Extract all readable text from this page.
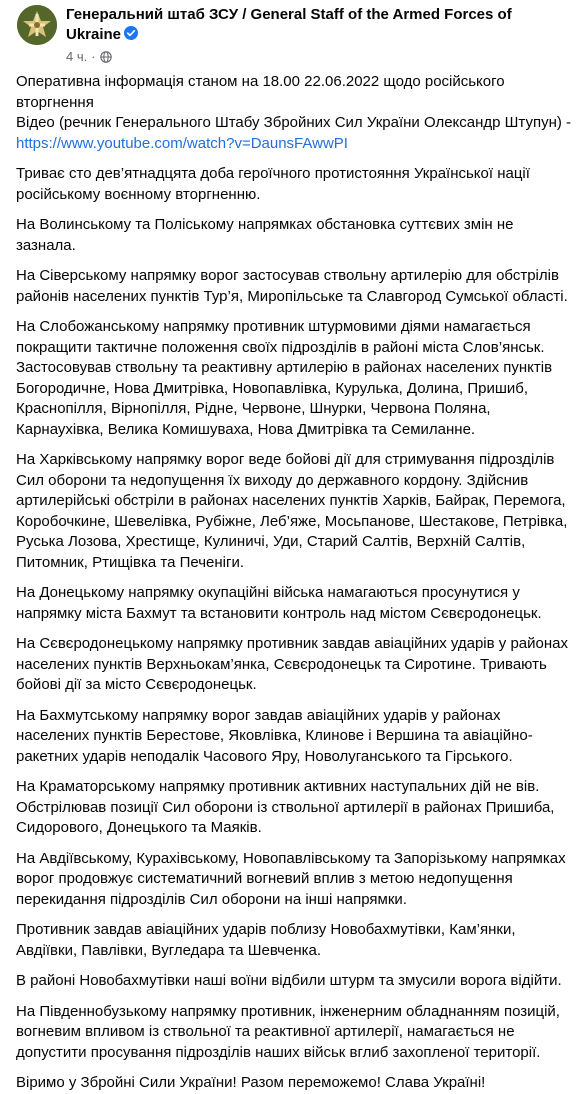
Генеральний штаб ЗСУ / General Staff of the Armed Forces of Ukraine
4 ч. ·

Оперативна інформація станом на 18.00 22.06.2022 щодо російського вторгнення
Відео (речник Генерального Штабу Збройних Сил України Олександр Штупун) -
https://www.youtube.com/watch?v=DaunsFAwwPI

Триває сто дев’ятнадцята доба героїчного протистояння Української нації російському воєнному вторгненню.

На Волинському та Поліському напрямках обстановка суттєвих змін не зазнала.

На Сіверському напрямку ворог застосував ствольну артилерію для обстрілів районів населених пунктів Тур’я, Миропільське та Славгород Сумської області.

На Слобожанському напрямку противник штурмовими діями намагається покращити тактичне положення своїх підрозділів в районі міста Слов’янськ. Застосовував ствольну та реактивну артилерію в районах населених пунктів Богородичне, Нова Дмитрівка, Новопавлівка, Курулька, Долина, Пришиб, Краснопілля, Вірнопілля, Рідне, Червоне, Шнурки, Червона Поляна, Карнаухівка, Велика Комишуваха, Нова Дмитрівка та Семиланне.

На Харківському напрямку ворог веде бойові дії для стримування підрозділів Сил оборони та недопущення їх виходу до державного кордону. Здійснив артилерійські обстріли в районах населених пунктів Харків, Байрак, Перемога, Коробочкине, Шевелівка, Рубіжне, Леб’яже, Мосьпанове, Шестакове, Петрівка, Руська Лозова, Хрестище, Кулиничі, Уди, Старий Салтів, Верхній Салтів, Питомник, Ртищівка та Печеніги.

На Донецькому напрямку окупаційні війська намагаються просунутися у напрямку міста Бахмут та встановити контроль над містом Сєвєродонецьк.

На Сєвєродонецькому напрямку противник завдав авіаційних ударів у районах населених пунктів Верхньокам’янка, Сєвєродонецьк та Сиротине. Тривають бойові дії за місто Сєвєродонецьк.

На Бахмутському напрямку ворог завдав авіаційних ударів у районах населених пунктів Берестове, Яковлівка, Клинове і Вершина та авіаційно-ракетних ударів неподалік Часового Яру, Новолуганського та Гірського.

На Краматорському напрямку противник активних наступальних дій не вів. Обстрілював позиції Сил оборони із ствольної артилерії в районах Пришиба, Сидорового, Донецького та Маяків.

На Авдіївському, Курахівському, Новопавлівському та Запорізькому напрямках ворог продовжує систематичний вогневий вплив з метою недопущення перекидання підрозділів Сил оборони на інші напрямки.

Противник завдав авіаційних ударів поблизу Новобахмутівки, Кам’янки, Авдіївки, Павлівки, Вугледара та Шевченка.

В районі Новобахмутівки наші воїни відбили штурм та змусили ворога відійти.

На Південнобузькому напрямку противник, інженерним обладнанням позицій, вогневим впливом із ствольної та реактивної артилерії, намагається не допустити просування підрозділів наших військ вглиб захопленої території.

Віримо у Збройні Сили України! Разом переможемо! Слава Україні!
